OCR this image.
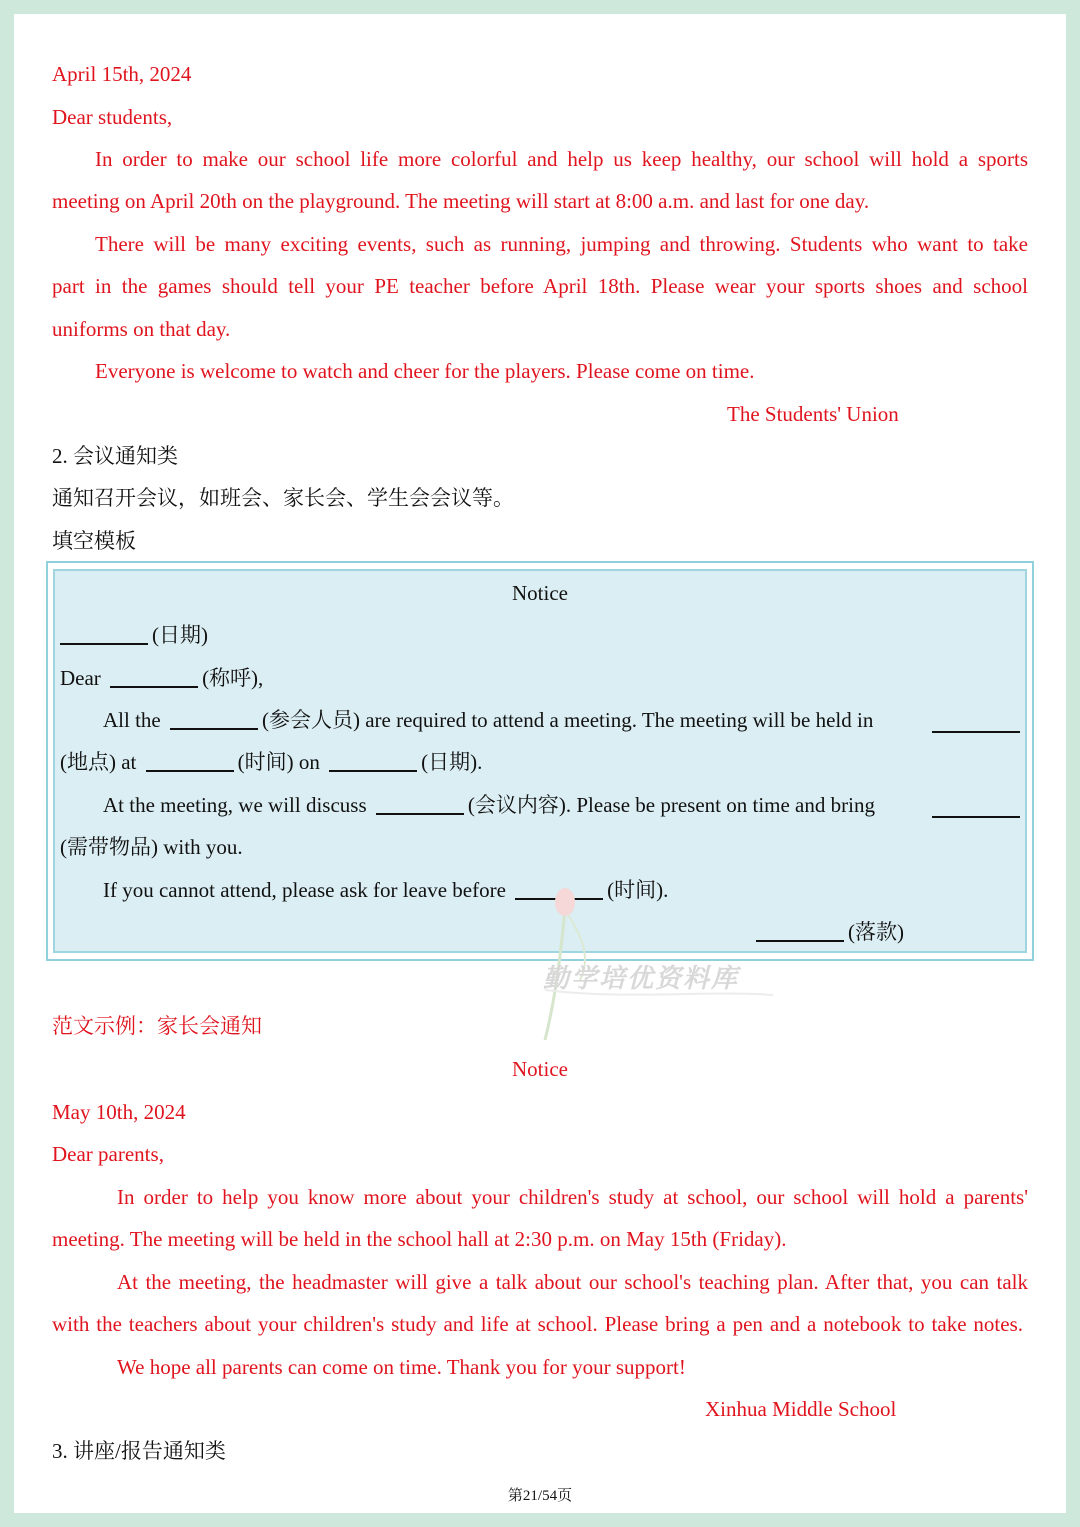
April 15th, 2024
Dear students,
In order to make our school life more colorful and help us keep healthy, our school will hold a sports
meeting on April 20th on the playground. The meeting will start at 8:00 a.m. and last for one day.
There will be many exciting events, such as running, jumping and throwing. Students who want to take
part in the games should tell your PE teacher before April 18th. Please wear your sports shoes and school
uniforms on that day.
Everyone is welcome to watch and cheer for the players. Please come on time.
The Students' Union
2. 会议通知类
通知召开会议，如班会、家长会、学生会会议等。
填空模板
Notice
(日期)
Dear	(称呼),
All the	(参会人员) are required to attend a meeting. The meeting will be held in
(地点) at	(时间) on	(日期).
At the meeting, we will discuss	(会议内容). Please be present on time and bring
(需带物品) with you.
If you cannot attend, please ask for leave before	(时间).
(落款)
勤学培优资料库
范文示例：家长会通知
Notice
May 10th, 2024
Dear parents,
In order to help you know more about your children's study at school, our school will hold a parents'
meeting. The meeting will be held in the school hall at 2:30 p.m. on May 15th (Friday).
At the meeting, the headmaster will give a talk about our school's teaching plan. After that, you can talk
with the teachers about your children's study and life at school. Please bring a pen and a notebook to take notes.
We hope all parents can come on time. Thank you for your support!
Xinhua Middle School
3. 讲座/报告通知类
第21/54页
